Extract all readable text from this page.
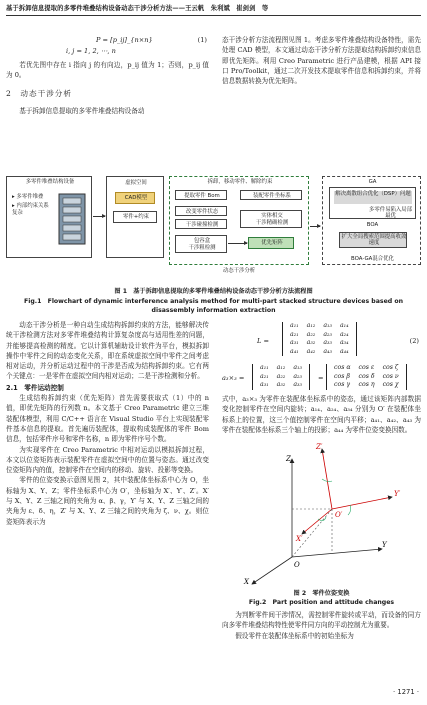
基于拆卸信息提取的多零件堆叠结构设备动态干涉分析方法——王云帆　朱利斌　崔剑剑　等
P = [p_ij]_{n×n}	(1)
i, j = 1, 2, ⋯, n

若优先图中存在 i 指向 j 的有向边，p_ij 值为 1；否则，p_ij 值为 0。

2　动态干涉分析

基于拆卸信息提取的多零件堆叠结构设备动

态干涉分析方法流程图见图 1。考虑多零件堆叠结构设备特性，需先处理 CAD 模型，本文通过动态干涉分析方法提取结构拆卸约束信息即优先矩阵。利用 Creo Parametric 进行产品建模，根据 API 接口 Pro/Toolkit，通过二次开发技术提取零件信息和拆卸约束，并将信息数据转换为优先矩阵。

多零件堆叠结构设备
▸ 多零件堆叠
▸ 内部约束关系复杂
虚拟空间
CAD模型
零件+约束
拆卸，移动零件、解除约束
提取零件 Bom	装配零件坐标系
改变零件状态
干涉碰撞检测
实体相交
干涉精确检测
包容盒
干涉粗检测
优先矩阵
动态干涉分析
GA
解决离散组合优化（DSP）问题
多零件易陷入局部最优
BOA
扩大全局搜索范围提高收敛速度
BOA-GA混合优化
图 1　基于拆卸信息提取的多零件堆叠结构设备动态干涉分析方法流程图
Fig.1　Flowchart of dynamic interference analysis method for multi-part stacked structure devices based on
disassembly information extraction

动态干涉分析是一种自动生成结构拆卸约束的方法，能够解决传统干涉检测方法对多零件堆叠结构计算复杂度高与适用性差的问题，并能够提高检测的精度。它以计算机辅助设计软件为平台，模拟拆卸操作中零件之间的动态变化关系，即在系统虚拟空间中零件之间考虑相对运动，并分析运动过程中的干涉是否成为结构拆卸约束。它有两个关键点：一是零件在虚拟空间内相对运动；二是干涉检测和分析。

2.1　零件运动控制

生成结构拆卸约束（优先矩阵）首先需要获取式（1）中的 n 值，即优先矩阵的行列数 n。本文基于 Creo Parametric 建立三维装配体模型，利用 C/C++ 语言在 Visual Studio 平台上实现装配零件基本信息的提取。首先遍历装配体，提取构成装配体的零件 Bom 信息，包括零件序号和零件名称，n 即为零件序号个数。

为实现零件在 Creo Parametric 中相对运动以模拟拆卸过程，本文以位姿矩阵表示装配零件在虚拟空间中的位置与姿态。通过改变位姿矩阵内的值，控制零件在空间内的移动、旋转、投影等变换。

零件的位姿变换示意图见图 2，其中装配体坐标系中心为 O，坐标轴为 X、Y、Z；零件坐标系中心为 O′，坐标轴为 X′、Y′、Z′。X′ 与 X、Y、Z 三轴之间的夹角为 α、β、γ，Y′ 与 X、Y、Z 三轴之间的夹角为 ε、δ、η，Z′ 与 X、Y、Z 三轴之间的夹角为 ζ、ν、χ。则位姿矩阵表示为

L =
a₁₁	a₁₂	a₁₃	a₁₄
a₂₁	a₂₂	a₂₃	a₂₄
a₃₁	a₃₂	a₃₃	a₃₄
a₄₁	a₄₂	a₄₃	a₄₄
(2)
a₃×₃ =
a₁₁	a₁₂	a₁₃
a₂₁	a₂₂	a₂₃
a₃₁	a₃₂	a₃₃
=
cos α	cos ε	cos ζ
cos β	cos δ	cos ν
cos γ	cos η	cos χ

式中，a₃×₃ 为零件在装配体坐标系中的姿态，通过该矩阵内部数据变化控制零件在空间内旋转；a₁₄、a₂₄、a₃₄ 分别为 O′ 在装配体坐标系上的位置，这三个值控制零件在空间内平移；a₄₁、a₄₂、a₄₃ 为零件在装配体坐标系三个轴上的投影；a₄₄ 为零件位姿变换因数。

Z
Y
X
O
Z′
Y′
X′
O′
图 2　零件位姿变换
Fig.2　Part position and attitude changes

为判断零件间干涉情况，需控制零件旋转或平动，而设备的同方向多零件堆叠结构特性使零件同方向的平动控制尤为重要。

假设零件在装配体坐标系中的初始坐标为

· 1271 ·
